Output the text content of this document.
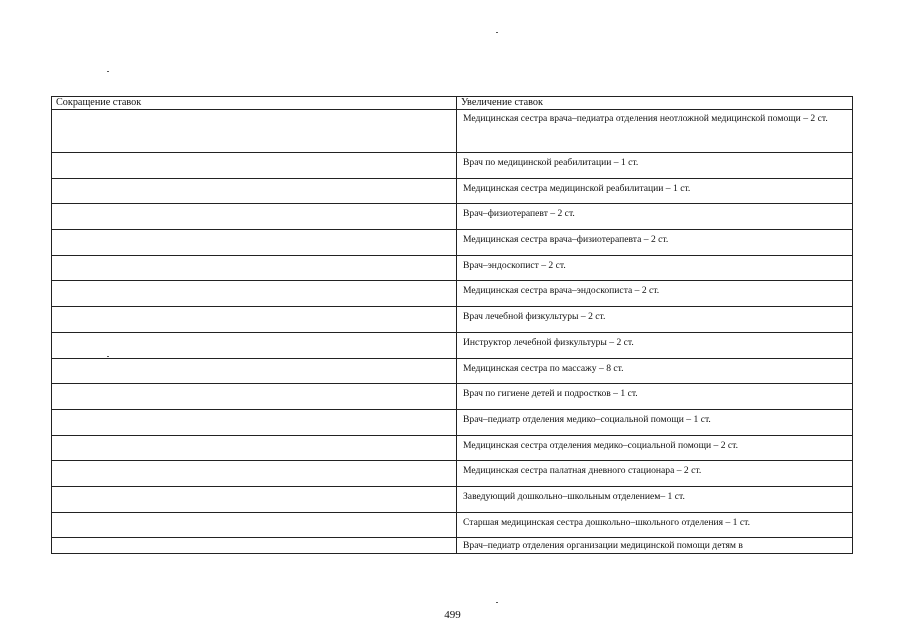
Сокращение ставок	Увеличение ставок
	Медицинская сестра врача–педиатра отделения неотложной медицинской помощи – 2 ст.
	Врач по медицинской реабилитации – 1 ст.
	Медицинская сестра медицинской реабилитации – 1 ст.
	Врач–физиотерапевт – 2 ст.
	Медицинская сестра врача–физиотерапевта – 2 ст.
	Врач–эндоскопист – 2 ст.
	Медицинская сестра врача–эндоскописта – 2 ст.
	Врач лечебной физкультуры – 2 ст.
	Инструктор лечебной физкультуры – 2 ст.
	Медицинская сестра по массажу – 8 ст.
	Врач по гигиене детей и подростков – 1 ст.
	Врач–педиатр отделения медико–социальной помощи – 1 ст.
	Медицинская сестра отделения медико–социальной помощи – 2 ст.
	Медицинская сестра палатная дневного стационара – 2 ст.
	Заведующий дошкольно–школьным отделением– 1 ст.
	Старшая медицинская сестра дошкольно–школьного отделения – 1 ст.
	Врач–педиатр отделения организации медицинской помощи детям в
499
